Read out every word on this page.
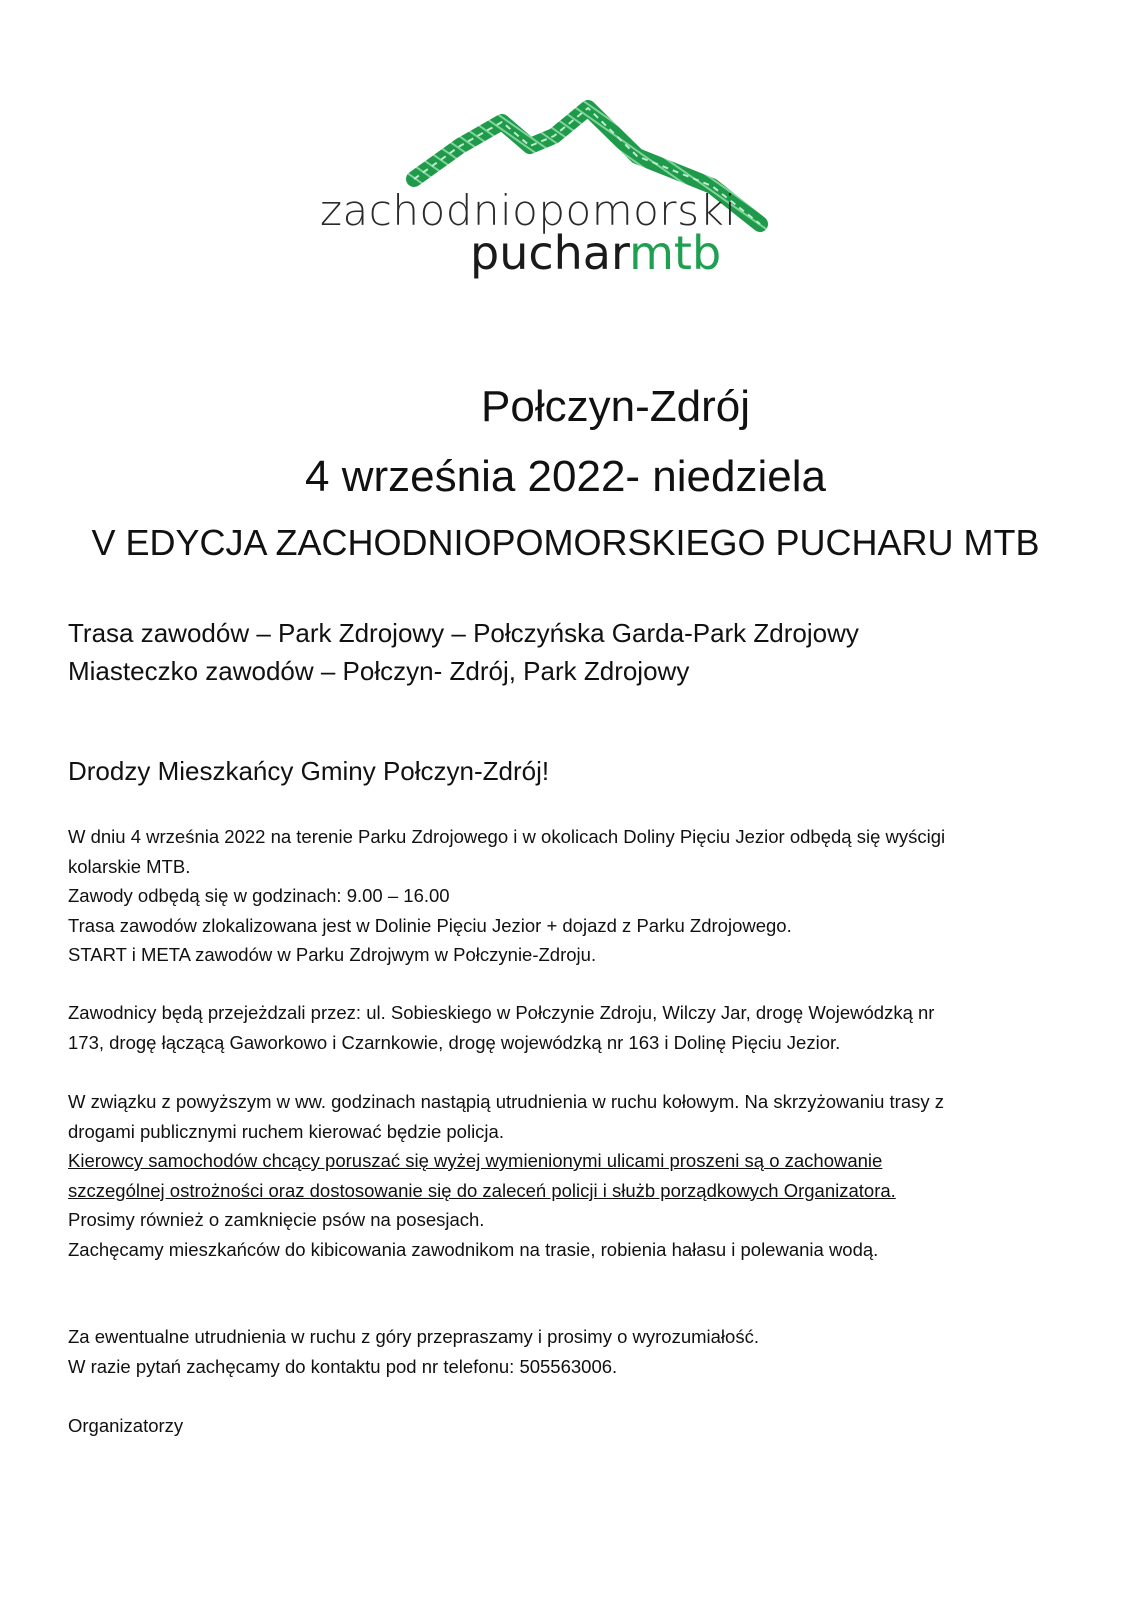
zachodniopomorski
pucharmtb
Połczyn-Zdrój
4 września 2022- niedziela
V EDYCJA ZACHODNIOPOMORSKIEGO PUCHARU MTB
Trasa zawodów – Park Zdrojowy – Połczyńska Garda-Park Zdrojowy
Miasteczko zawodów – Połczyn- Zdrój, Park Zdrojowy
Drodzy Mieszkańcy Gminy Połczyn-Zdrój!

W dniu 4 września 2022 na terenie Parku Zdrojowego i w okolicach Doliny Pięciu Jezior odbędą się wyścigi

kolarskie MTB.

Zawody odbędą się w godzinach: 9.00 – 16.00

Trasa zawodów zlokalizowana jest w Dolinie Pięciu Jezior + dojazd z Parku Zdrojowego.

START i META zawodów w Parku Zdrojwym w Połczynie-Zdroju.

Zawodnicy będą przejeżdzali przez: ul. Sobieskiego w Połczynie Zdroju, Wilczy Jar, drogę Wojewódzką nr

173, drogę łączącą Gaworkowo i Czarnkowie, drogę wojewódzką nr 163 i Dolinę Pięciu Jezior.

W związku z powyższym w ww. godzinach nastąpią utrudnienia w ruchu kołowym. Na skrzyżowaniu trasy z

drogami publicznymi ruchem kierować będzie policja.

Kierowcy samochodów chcący poruszać się wyżej wymienionymi ulicami proszeni są o zachowanie

szczególnej ostrożności oraz dostosowanie się do zaleceń policji i służb porządkowych Organizatora.

Prosimy również o zamknięcie psów na posesjach.

Zachęcamy mieszkańców do kibicowania zawodnikom na trasie, robienia hałasu i polewania wodą.

Za ewentualne utrudnienia w ruchu z góry przepraszamy i prosimy o wyrozumiałość.

W razie pytań zachęcamy do kontaktu pod nr telefonu: 505563006.

Organizatorzy
